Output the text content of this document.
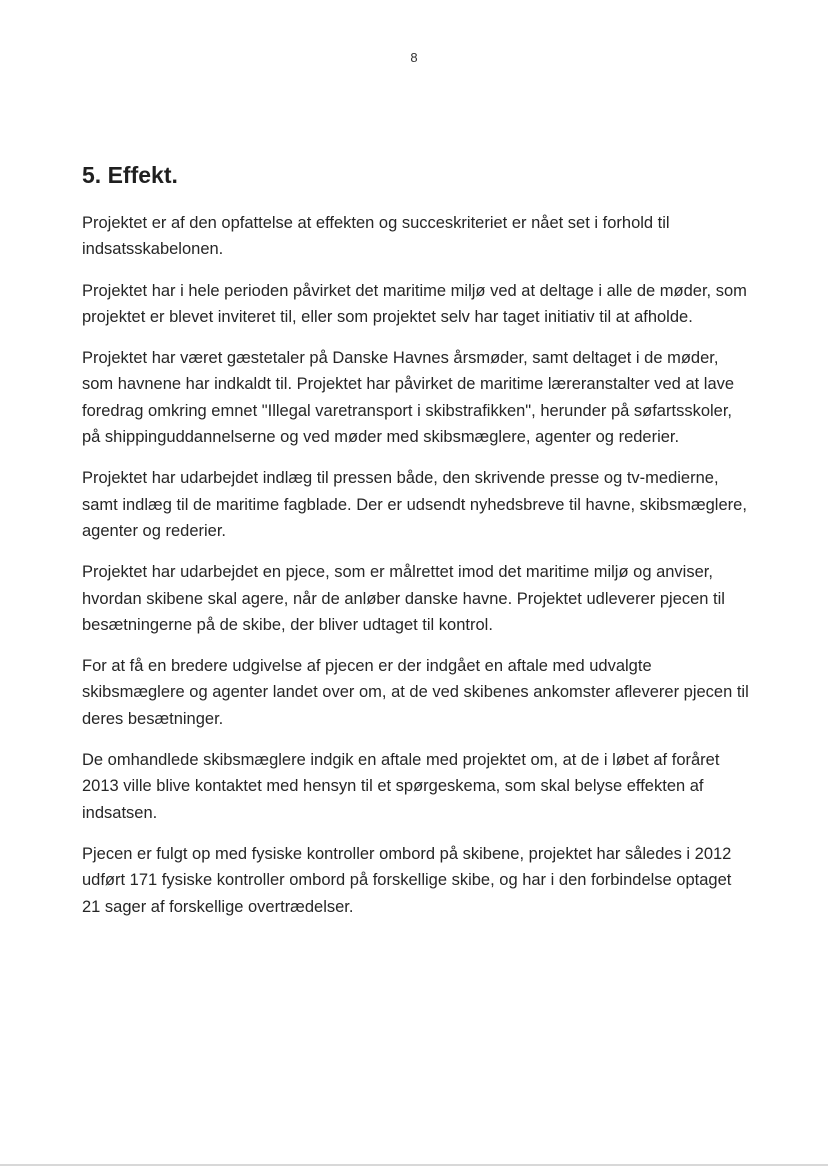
8
5. Effekt.

Projektet er af den opfattelse at effekten og succeskriteriet er nået set i forhold til indsatsskabelonen.

Projektet har i hele perioden påvirket det maritime miljø ved at deltage i alle de møder, som projektet er blevet inviteret til, eller som projektet selv har taget initiativ til at afholde.

Projektet har været gæstetaler på Danske Havnes årsmøder, samt deltaget i de møder, som havnene har indkaldt til. Projektet har påvirket de maritime læreranstalter ved at lave foredrag omkring emnet "Illegal varetransport i skibstrafikken", herunder på søfartsskoler, på shippinguddannelserne og ved møder med skibsmæglere, agenter og rederier.

Projektet har udarbejdet indlæg til pressen både, den skrivende presse og tv-medierne, samt indlæg til de maritime fagblade. Der er udsendt nyhedsbreve til havne, skibsmæglere, agenter og rederier.

Projektet har udarbejdet en pjece, som er målrettet imod det maritime miljø og anviser, hvordan skibene skal agere, når de anløber danske havne. Projektet udleverer pjecen til besætningerne på de skibe, der bliver udtaget til kontrol.

For at få en bredere udgivelse af pjecen er der indgået en aftale med udvalgte skibsmæglere og agenter landet over om, at de ved skibenes ankomster afleverer pjecen til deres besætninger.

De omhandlede skibsmæglere indgik en aftale med projektet om, at de i løbet af foråret 2013 ville blive kontaktet med hensyn til et spørgeskema, som skal belyse effekten af indsatsen.

Pjecen er fulgt op med fysiske kontroller ombord på skibene, projektet har således i 2012 udført 171 fysiske kontroller ombord på forskellige skibe, og har i den forbindelse optaget 21 sager af forskellige overtrædelser.
